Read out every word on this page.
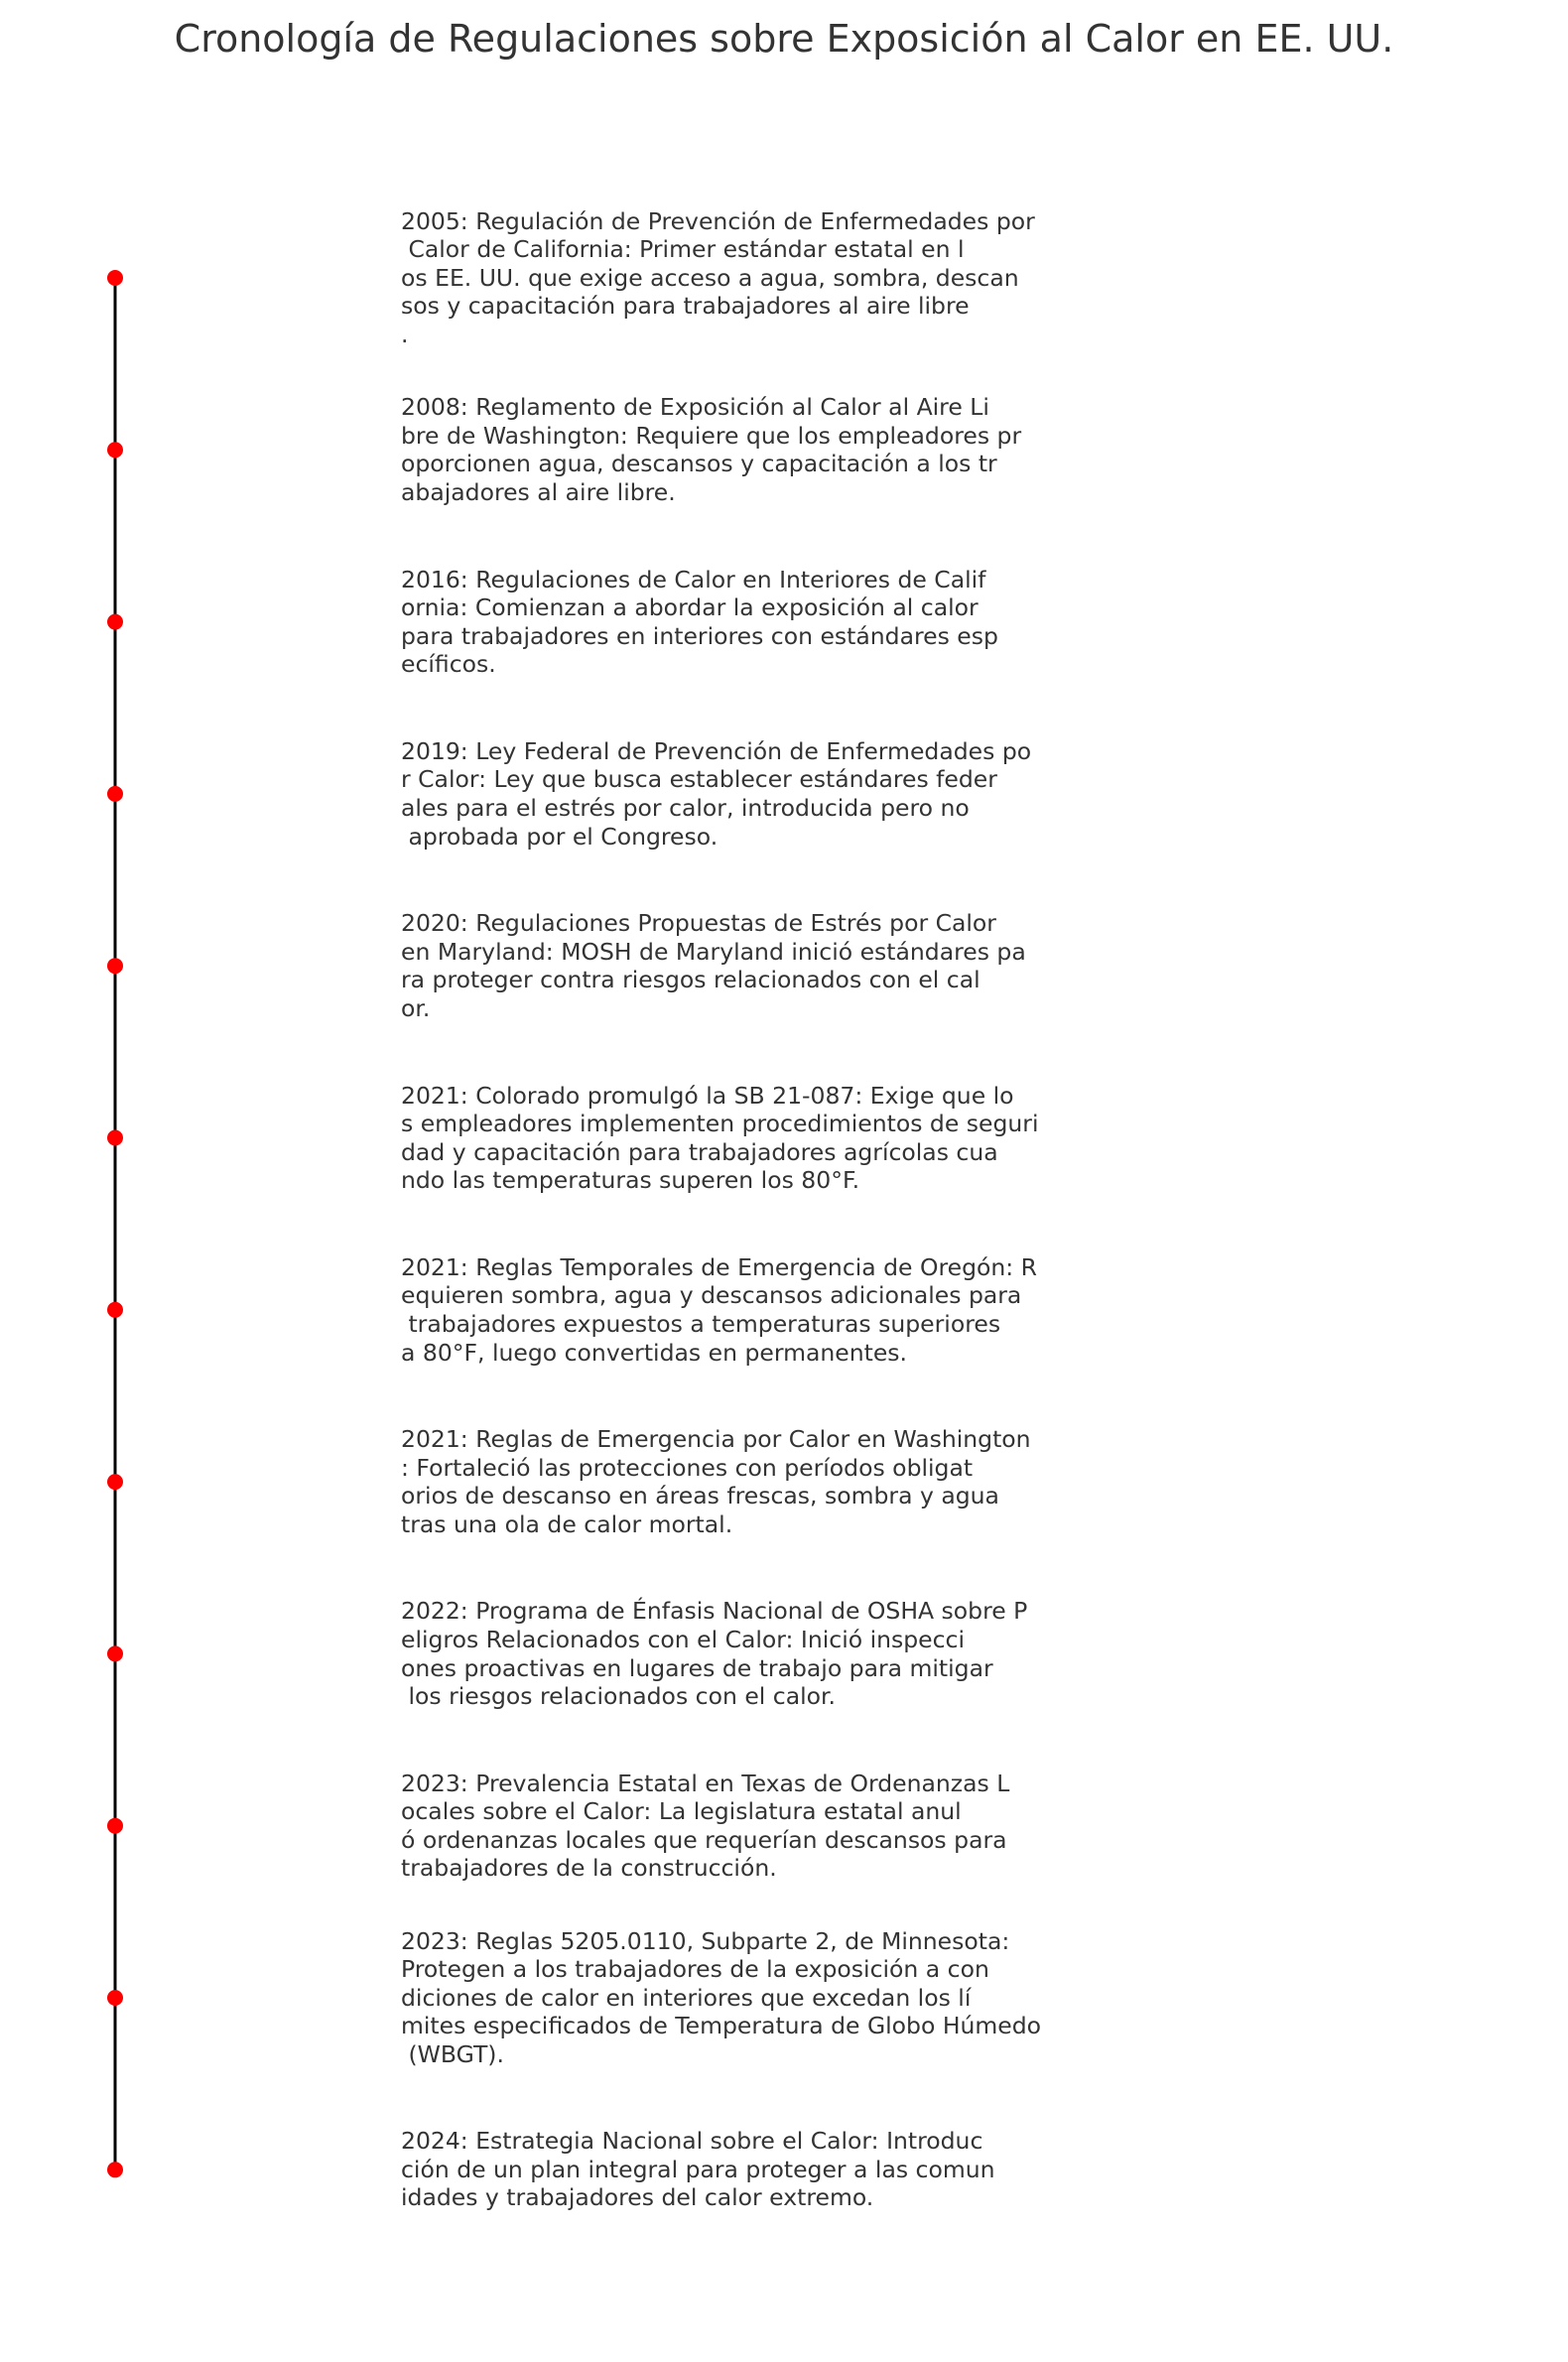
Cronología de Regulaciones sobre Exposición al Calor en EE. UU.
2005: Regulación de Prevención de Enfermedades por
Calor de California: Primer estándar estatal en l
os EE. UU. que exige acceso a agua, sombra, descan
sos y capacitación para trabajadores al aire libre
.
2008: Reglamento de Exposición al Calor al Aire Li
bre de Washington: Requiere que los empleadores pr
oporcionen agua, descansos y capacitación a los tr
abajadores al aire libre.
2016: Regulaciones de Calor en Interiores de Calif
ornia: Comienzan a abordar la exposición al calor
para trabajadores en interiores con estándares esp
ecíficos.
2019: Ley Federal de Prevención de Enfermedades po
r Calor: Ley que busca establecer estándares feder
ales para el estrés por calor, introducida pero no
aprobada por el Congreso.
2020: Regulaciones Propuestas de Estrés por Calor
en Maryland: MOSH de Maryland inició estándares pa
ra proteger contra riesgos relacionados con el cal
or.
2021: Colorado promulgó la SB 21-087: Exige que lo
s empleadores implementen procedimientos de seguri
dad y capacitación para trabajadores agrícolas cua
ndo las temperaturas superen los 80°F.
2021: Reglas Temporales de Emergencia de Oregón: R
equieren sombra, agua y descansos adicionales para
trabajadores expuestos a temperaturas superiores
a 80°F, luego convertidas en permanentes.
2021: Reglas de Emergencia por Calor en Washington
: Fortaleció las protecciones con períodos obligat
orios de descanso en áreas frescas, sombra y agua
tras una ola de calor mortal.
2022: Programa de Énfasis Nacional de OSHA sobre P
eligros Relacionados con el Calor: Inició inspecci
ones proactivas en lugares de trabajo para mitigar
los riesgos relacionados con el calor.
2023: Prevalencia Estatal en Texas de Ordenanzas L
ocales sobre el Calor: La legislatura estatal anul
ó ordenanzas locales que requerían descansos para
trabajadores de la construcción.
2023: Reglas 5205.0110, Subparte 2, de Minnesota:
Protegen a los trabajadores de la exposición a con
diciones de calor en interiores que excedan los lí
mites especificados de Temperatura de Globo Húmedo
(WBGT).
2024: Estrategia Nacional sobre el Calor: Introduc
ción de un plan integral para proteger a las comun
idades y trabajadores del calor extremo.
